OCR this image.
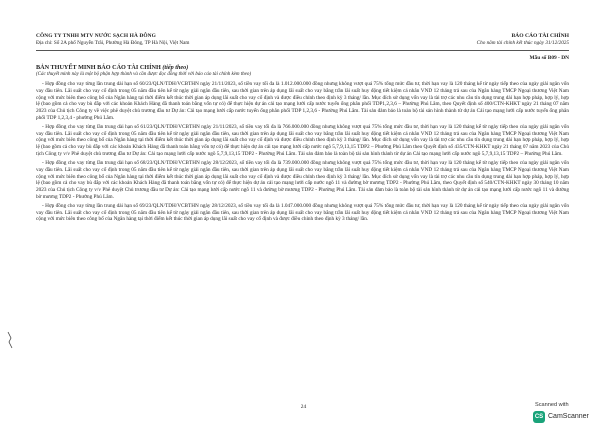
CÔNG TY TNHH MTV NƯỚC SẠCH HÀ ĐÔNG
Địa chỉ: Số 2A phố Nguyễn Trãi, Phường Hà Đông, TP Hà Nội, Việt Nam
BÁO CÁO TÀI CHÍNH
Cho năm tài chính kết thúc ngày 31/12/2025
Mẫu số B09 - DN
BẢN THUYẾT MINH BÁO CÁO TÀI CHÍNH (tiếp theo)
(Các thuyết minh này là một bộ phận hợp thành và cần được đọc đồng thời với báo cáo tài chính kèm theo)

- Hợp đồng cho vay từng lần trung dài hạn số 60/23/QLN/TDH/VCBTHN ngày 21/11/2023, số tiền vay tối đa là 1.012.000.000 đồng nhưng không vượt quá 75% tổng mức đầu tư, thời hạn vay là 120 tháng kể từ ngày tiếp theo của ngày giải ngân vốn vay đầu tiên. Lãi suất cho vay cố định trong 05 năm đầu tiên kể từ ngày giải ngân đầu tiên, sau thời gian trên áp dụng lãi suất cho vay bằng trần lãi suất huy động tiết kiệm cá nhân VND 12 tháng trả sau của Ngân hàng TMCP Ngoại thương Việt Nam cộng với mức biên theo công bố của Ngân hàng tại thời điểm kết thúc thời gian áp dụng lãi suất cho vay cố định và được điều chỉnh theo định kỳ 3 tháng/ lần. Mục đích sử dụng vốn vay là tài trợ các nhu cầu tín dụng trung dài hạn hợp pháp, hợp lý, hợp lệ (bao gồm cả cho vay bù đắp với các khoản Khách Hàng đã thanh toán bằng vốn tự có) để thực hiện dự án cải tạo mạng lưới cấp nước tuyến ống phân phối TDP1,2,3,6 – Phường Phú Lãm, theo Quyết định số 400/CTN-KHKT ngày 21 tháng 07 năm 2023 của Chủ tịch Công ty về việc phê duyệt chủ trương đầu tư Dự án: Cải tạo mạng lưới cấp nước tuyến ống phân phối TDP 1,2,3,6 - Phường Phú Lãm. Tài sản đảm bảo là toàn bộ tài sản hình thành từ dự án Cải tạo mạng lưới cấp nước tuyến ống phân phối TDP 1,2,3,4 - phường Phú Lãm.

- Hợp đồng cho vay từng lần trung dài hạn số 61/23/QLN/TDH/VCBTHN ngày 21/11/2023, số tiền vay tối đa là 766.000.000 đồng nhưng không vượt quá 75% tổng mức đầu tư, thời hạn vay là 120 tháng kể từ ngày tiếp theo của ngày giải ngân vốn vay đầu tiên. Lãi suất cho vay cố định trong 05 năm đầu tiên kể từ ngày giải ngân đầu tiên, sau thời gian trên áp dụng lãi suất cho vay bằng trần lãi suất huy động tiết kiệm cá nhân VND 12 tháng trả sau của Ngân hàng TMCP Ngoại thương Việt Nam cộng với mức biên theo công bố của Ngân hàng tại thời điểm kết thúc thời gian áp dụng lãi suất cho vay cố định và được điều chỉnh theo định kỳ 3 tháng/ lần. Mục đích sử dụng vốn vay là tài trợ các nhu cầu tín dụng trung dài hạn hợp pháp, hợp lý, hợp lệ (bao gồm cả cho vay bù đắp với các khoản Khách Hàng đã thanh toán bằng vốn tự có) để thực hiện dự án cải tạo mạng lưới cấp nước ngõ 5,7,9,13,15 TDP2 – Phường Phú Lãm theo Quyết định số 435/CTN-KHKT ngày 21 tháng 07 năm 2023 của Chủ tịch Công ty v/v Phê duyệt chủ trương đầu tư Dự án: Cải tạo mạng lưới cấp nước ngõ 5,7,9,13,15 TDP2 - Phường Phú Lãm. Tài sản đảm bảo là toàn bộ tài sản hình thành từ dự án Cải tạo mạng lưới cấp nước ngõ 5,7,9,13,15 TDP2 – Phường Phú Lãm.

- Hợp đồng cho vay từng lần trung dài hạn số 68/23/QLN/TDH/VCBTHN ngày 28/12/2023, số tiền vay tối đa là 739.000.000 đồng nhưng không vượt quá 75% tổng mức đầu tư, thời hạn vay là 120 tháng kể từ ngày tiếp theo của ngày giải ngân vốn vay đầu tiên. Lãi suất cho vay cố định trong 05 năm đầu tiên kể từ ngày giải ngân đầu tiên, sau thời gian trên áp dụng lãi suất cho vay bằng trần lãi suất huy động tiết kiệm cá nhân VND 12 tháng trả sau của Ngân hàng TMCP Ngoại thương Việt Nam cộng với mức biên theo công bố của Ngân hàng tại thời điểm kết thúc thời gian áp dụng lãi suất cho vay cố định và được điều chỉnh theo định kỳ 3 tháng/ lần. Mục đích sử dụng vốn vay là tài trợ các nhu cầu tín dụng trung dài hạn hợp pháp, hợp lý, hợp lệ (bao gồm cả cho vay bù đắp với các khoản Khách Hàng đã thanh toán bằng vốn tự có) để thực hiện dự án cải tạo mạng lưới cấp nước ngõ 11 và đường bờ mương TDP2 - Phường Phú Lãm, theo Quyết định số 540/CTN-KHKT ngày 30 tháng 10 năm 2023 của Chủ tịch Công ty v/v Phê duyệt Chủ trương đầu tư Dự án: Cải tạo mạng lưới cấp nước ngõ 11 và đường bờ mương TDP2 - Phường Phú Lãm. Tài sản đảm bảo là toàn bộ tài sản hình thành từ dự án cải tạo mạng lưới cấp nước ngõ 11 và đường bờ mương TDP2 - Phường Phú Lãm.

- Hợp đồng cho vay từng lần trung dài hạn số 69/23/QLN/TDH/VCBTHN ngày 28/12/2023, số tiền vay tối đa là 1.047.000.000 đồng nhưng không vượt quá 75% tổng mức đầu tư, thời hạn vay là 120 tháng kể từ ngày tiếp theo của ngày giải ngân vốn vay đầu tiên. Lãi suất cho vay cố định trong 05 năm đầu tiên kể từ ngày giải ngân đầu tiên, sau thời gian trên áp dụng lãi suất cho vay bằng trần lãi suất huy động tiết kiệm cá nhân VND 12 tháng trả sau của Ngân hàng TMCP Ngoại thương Việt Nam cộng với mức biên theo công bố của Ngân hàng tại thời điểm kết thúc thời gian áp dụng lãi suất cho vay cố định và được điều chỉnh theo định kỳ 3 tháng/ lần.

24	Scanned with
CS CamScanner
